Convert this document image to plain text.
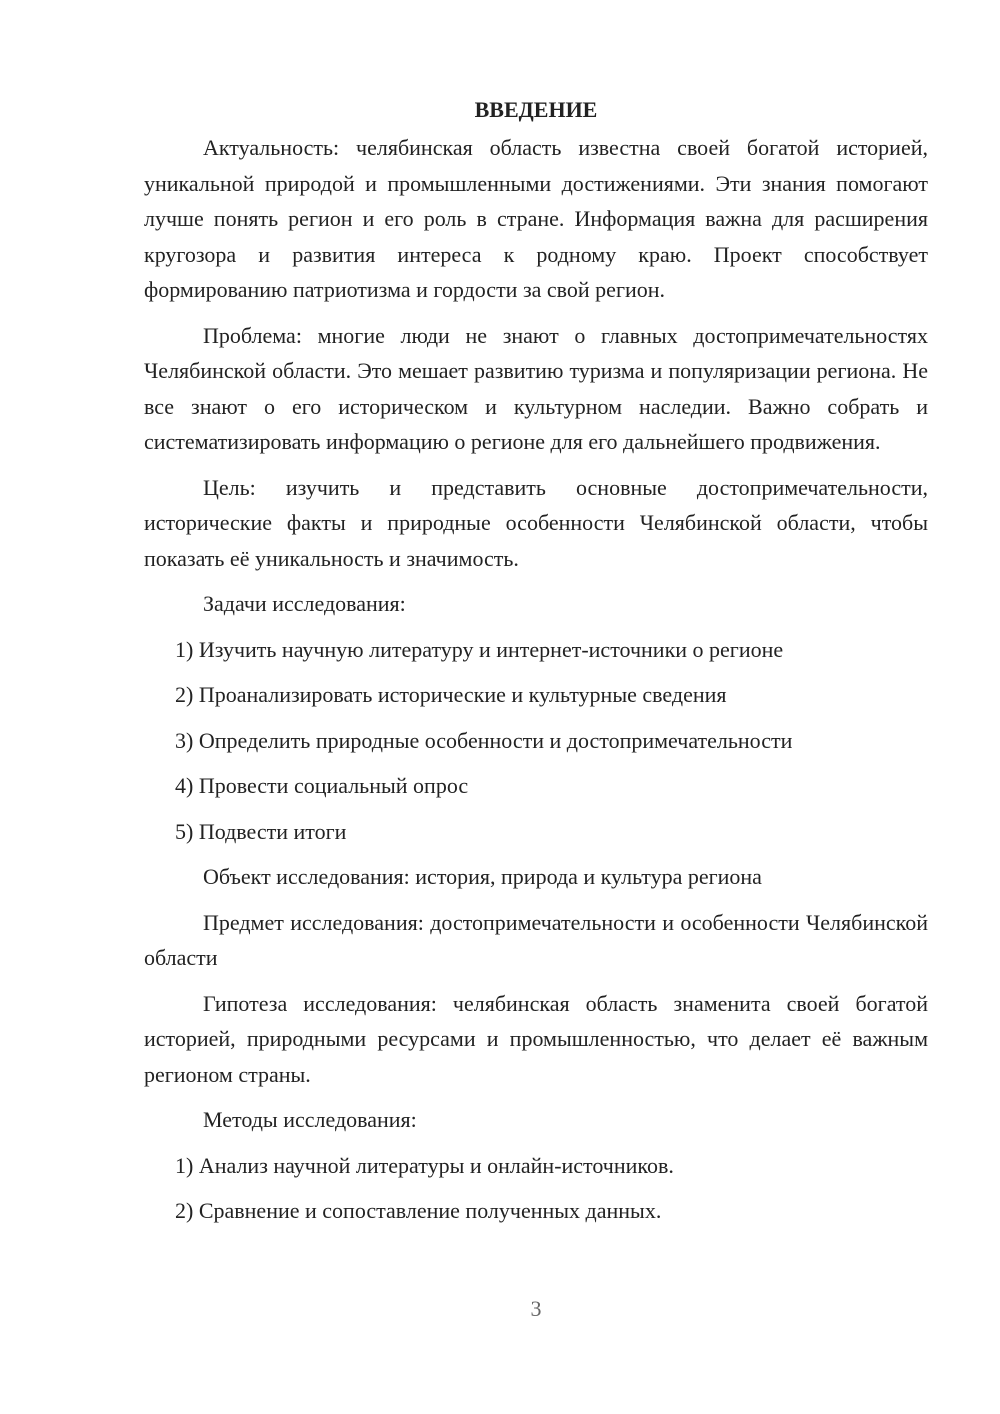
ВВЕДЕНИЕ

Актуальность: челябинская область известна своей богатой историей, уникальной природой и промышленными достижениями. Эти знания помогают лучше понять регион и его роль в стране. Информация важна для расширения кругозора и развития интереса к родному краю. Проект способствует формированию патриотизма и гордости за свой регион.

Проблема: многие люди не знают о главных достопримечательностях Челябинской области. Это мешает развитию туризма и популяризации региона. Не все знают о его историческом и культурном наследии. Важно собрать и систематизировать информацию о регионе для его дальнейшего продвижения.

Цель: изучить и представить основные достопримечательности, исторические факты и природные особенности Челябинской области, чтобы показать её уникальность и значимость.

Задачи исследования:

1) Изучить научную литературу и интернет-источники о регионе

2) Проанализировать исторические и культурные сведения

3) Определить природные особенности и достопримечательности

4) Провести социальный опрос

5) Подвести итоги

Объект исследования: история, природа и культура региона

Предмет исследования: достопримечательности и особенности Челябинской области

Гипотеза исследования: челябинская область знаменита своей богатой историей, природными ресурсами и промышленностью, что делает её важным регионом страны.

Методы исследования:

1) Анализ научной литературы и онлайн-источников.

2) Сравнение и сопоставление полученных данных.

3
